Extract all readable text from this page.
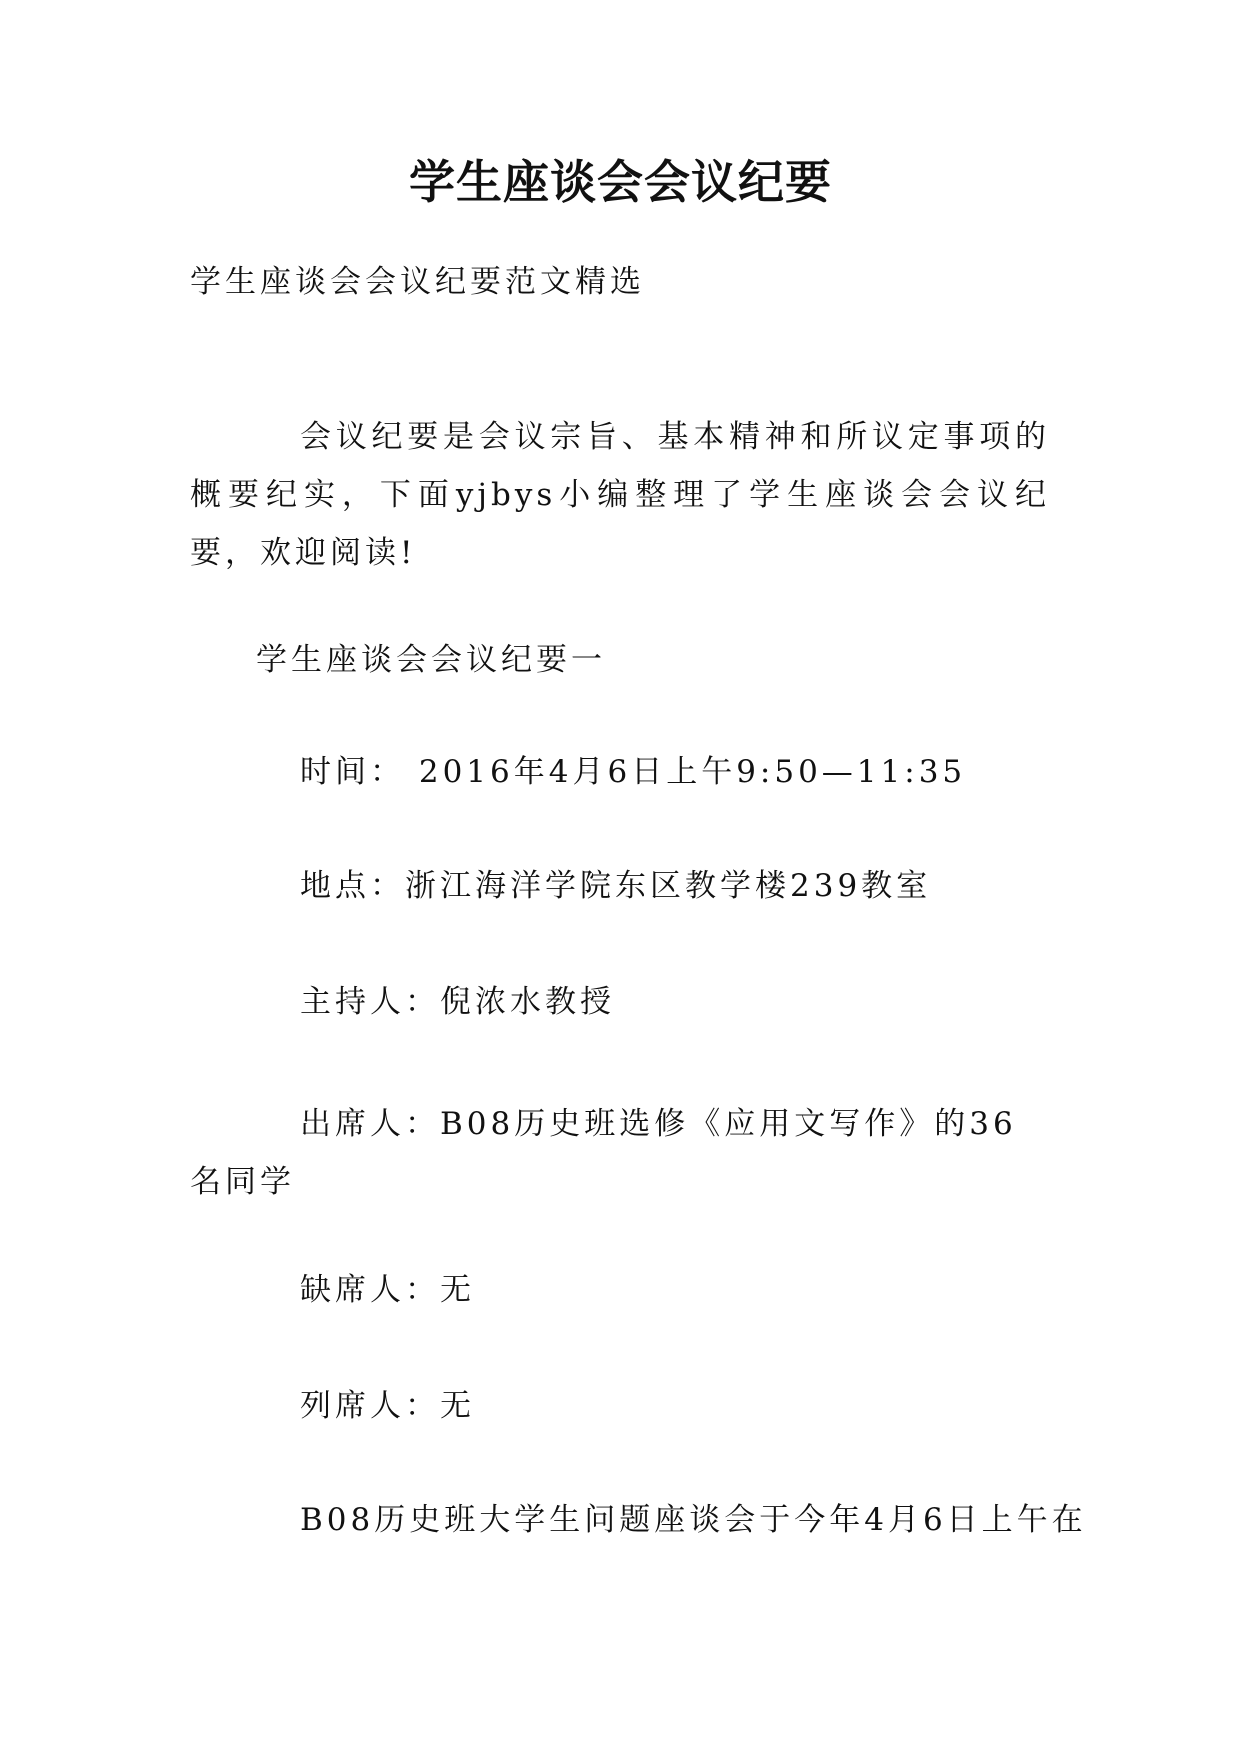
学生座谈会会议纪要

学生座谈会会议纪要范文精选

会议纪要是会议宗旨、基本精神和所议定事项的概要纪实，下面yjbys小编整理了学生座谈会会议纪要，欢迎阅读!

学生座谈会会议纪要一

时间： 2016年4月6日上午9:50—11:35

地点：浙江海洋学院东区教学楼239教室

主持人：倪浓水教授

出席人：B08历史班选修《应用文写作》的36名同学

缺席人：无

列席人：无

B08历史班大学生问题座谈会于今年4月6日上午在
